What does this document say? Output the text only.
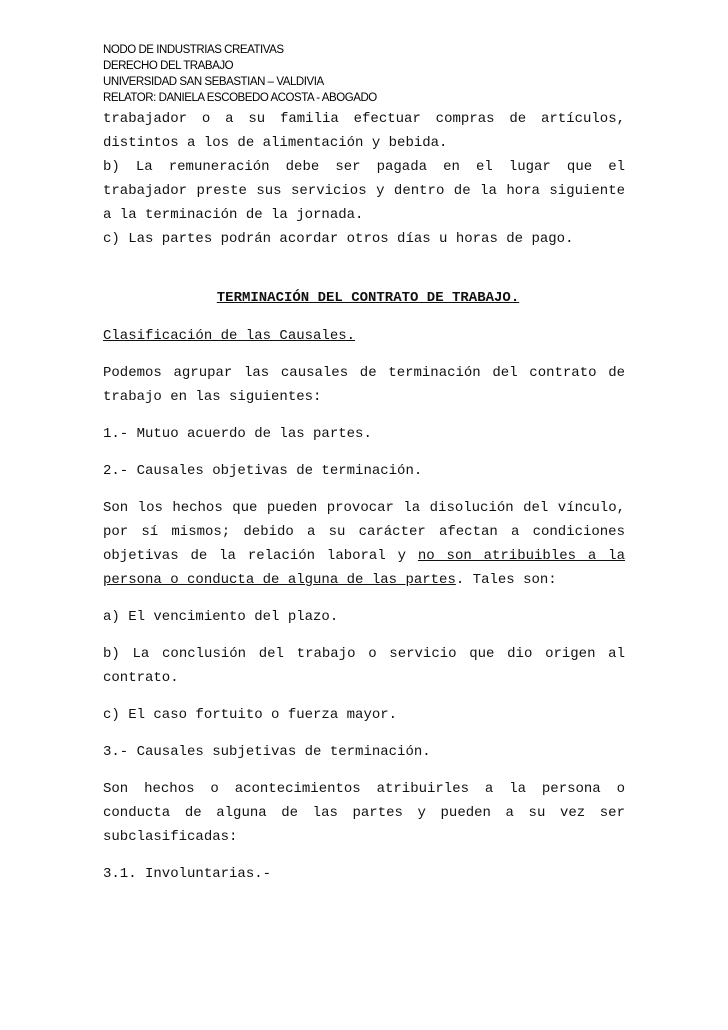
NODO DE INDUSTRIAS CREATIVAS
DERECHO DEL TRABAJO
UNIVERSIDAD SAN SEBASTIAN – VALDIVIA
RELATOR: DANIELA ESCOBEDO ACOSTA - ABOGADO

trabajador o a su familia efectuar compras de artículos, distintos a los de alimentación y bebida.

b) La remuneración debe ser pagada en el lugar que el trabajador preste sus servicios y dentro de la hora siguiente a la terminación de la jornada.

c) Las partes podrán acordar otros días u horas de pago.

TERMINACIÓN DEL CONTRATO DE TRABAJO.

Clasificación de las Causales.

Podemos agrupar las causales de terminación del contrato de trabajo en las siguientes:

1.- Mutuo acuerdo de las partes.

2.- Causales objetivas de terminación.

Son los hechos que pueden provocar la disolución del vínculo, por sí mismos; debido a su carácter afectan a condiciones objetivas de la relación laboral y no son atribuibles a la persona o conducta de alguna de las partes. Tales son:

a) El vencimiento del plazo.

b) La conclusión del trabajo o servicio que dio origen al contrato.

c) El caso fortuito o fuerza mayor.

3.- Causales subjetivas de terminación.

Son hechos o acontecimientos atribuirles a la persona o conducta de alguna de las partes y pueden a su vez ser subclasificadas:

3.1. Involuntarias.-
